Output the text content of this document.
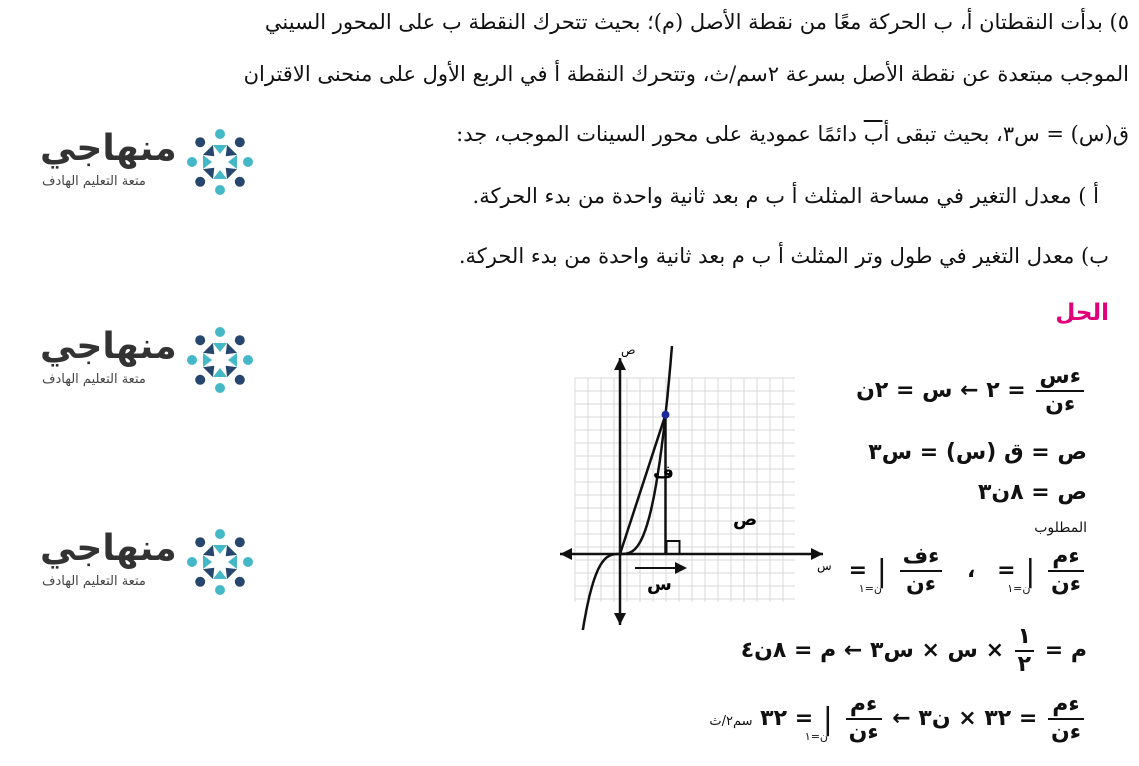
٥) بدأت النقطتان أ، ب الحركة معًا من نقطة الأصل (م)؛ بحيث تتحرك النقطة ب على المحور السيني
الموجب مبتعدة عن نقطة الأصل بسرعة ٢سم/ث، وتتحرك النقطة أ في الربع الأول على منحنى الاقتران
ق(س) = س٣، بحيث تبقى أب دائمًا عمودية على محور السينات الموجب، جد:
أ ) معدل التغير في مساحة المثلث أ ب م بعد ثانية واحدة من بدء الحركة.
ب) معدل التغير في طول وتر المثلث أ ب م بعد ثانية واحدة من بدء الحركة.
الحل
منهاجي
متعة التعليم الهادف
منهاجي
متعة التعليم الهادف
منهاجي
متعة التعليم الهادف
ص
س
ف
ص
س
$\frac{\text{ءس}}{\text{ءن}}$
= ٢ ← س = ٢ن
ص = ق (س) = س٣
ص = ٨ن٣
المطلوب
$\frac{\text{ءم}}{\text{ءن}}$
|
ن=١
= ،
$\frac{\text{ءف}}{\text{ءن}}$
|
ن=١
=
م =
$\frac{١}{٢}$
× س × س٣ ← م = ٨ن٤
$\frac{\text{ءم}}{\text{ءن}}$
= ٣٢ × ن٣ ←
$\frac{\text{ءم}}{\text{ءن}}$
|
ن=١
= ٣٢ سم٢/ث
